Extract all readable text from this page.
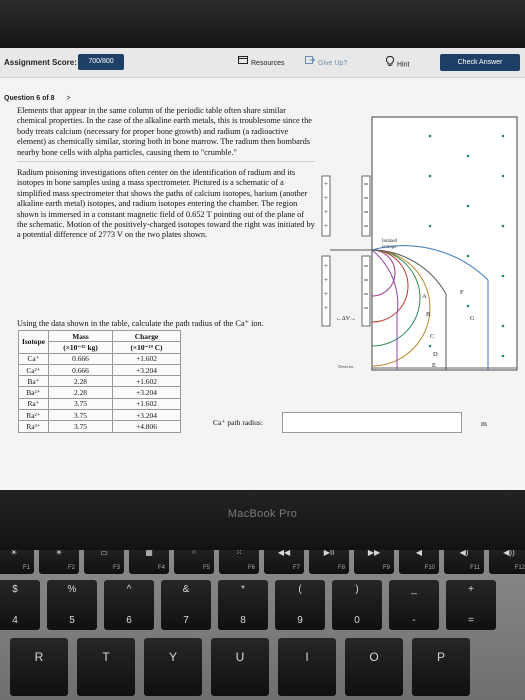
Assignment Score:	700/800	Resources	Give Up?	Hint	Check Answer
Question 6 of 8 >

Elements that appear in the same column of the periodic table often share similar chemical properties. In the case of the alkaline earth metals, this is troublesome since the body treats calcium (necessary for proper bone growth) and radium (a radioactive element) as chemically similar, storing both in bone marrow. The radium then bombards nearby bone cells with alpha particles, causing them to "crumble."

Radium poisoning investigations often center on the identification of radium and its isotopes in bone samples using a mass spectrometer. Pictured is a schematic of a simplified mass spectrometer that shows the paths of calcium isotopes, barium (another alkaline earth metal) isotopes, and radium isotopes entering the chamber. The region shown is immersed in a constant magnetic field of 0.652 T pointing out of the plane of the schematic. Motion of the positively-charged isotopes toward the right was initiated by a potential difference of 2773 V on the two plates shown.

Using the data shown in the table, calculate the path radius of the Ca⁺ ion.
Isotope	Mass	Charge
	(×10⁻²⁵ kg)	(×10⁻¹⁹ C)
Ca⁺	0.666	+1.602
Ca²⁺	0.666	+3.204
Ba⁺	2.28	+1.602
Ba²⁺	2.28	+3.204
Ra⁺	3.75	+1.602
Ra²⁺	3.75	+3.204
Ra³⁺	3.75	+4.806	Ca⁺ path radius:	m
+
+
+
+
+
+
+
+
Ionized
isotope
←ΔV→
Detector
A
B
C
D
E
F
G
MacBook Pro
☀
F1
☀
F2
▭
F3
▦
F4
⁘
F5
⁙
F6
◀◀
F7
▶II
F8
▶▶
F9
◀
F10
◀)
F11
◀))
F12
$
4
%
5
^
6
&
7
*
8
(
9
)
0
_
-
+
=
R	T	Y	U	I	O	P
